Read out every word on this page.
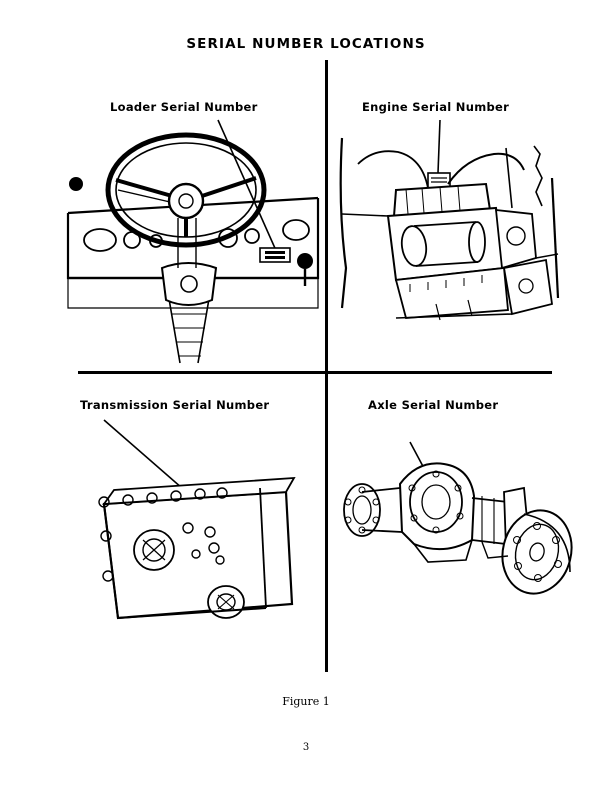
SERIAL NUMBER LOCATIONS
Loader Serial Number	Engine Serial Number
Transmission Serial Number	Axle Serial Number
Figure 1
3
